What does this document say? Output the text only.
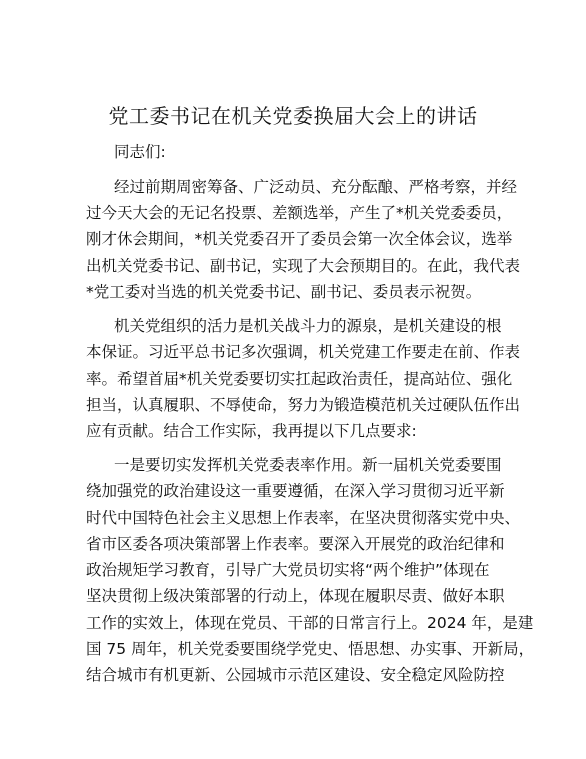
党工委书记在机关党委换届大会上的讲话

同志们:

经过前期周密筹备、广泛动员、充分酝酿、严格考察，并经

过今天大会的无记名投票、差额选举，产生了*机关党委委员，

刚才休会期间，*机关党委召开了委员会第一次全体会议，选举

出机关党委书记、副书记，实现了大会预期目的。在此，我代表

*党工委对当选的机关党委书记、副书记、委员表示祝贺。

机关党组织的活力是机关战斗力的源泉，是机关建设的根

本保证。习近平总书记多次强调，机关党建工作要走在前、作表

率。希望首届*机关党委要切实扛起政治责任，提高站位、强化

担当，认真履职、不辱使命，努力为锻造模范机关过硬队伍作出

应有贡献。结合工作实际，我再提以下几点要求:

一是要切实发挥机关党委表率作用。新一届机关党委要围

绕加强党的政治建设这一重要遵循，在深入学习贯彻习近平新

时代中国特色社会主义思想上作表率，在坚决贯彻落实党中央、

省市区委各项决策部署上作表率。要深入开展党的政治纪律和

政治规矩学习教育，引导广大党员切实将“两个维护”体现在

坚决贯彻上级决策部署的行动上，体现在履职尽责、做好本职

工作的实效上，体现在党员、干部的日常言行上。2024 年，是建

国 75 周年，机关党委要围绕学党史、悟思想、办实事、开新局，

结合城市有机更新、公园城市示范区建设、安全稳定风险防控
